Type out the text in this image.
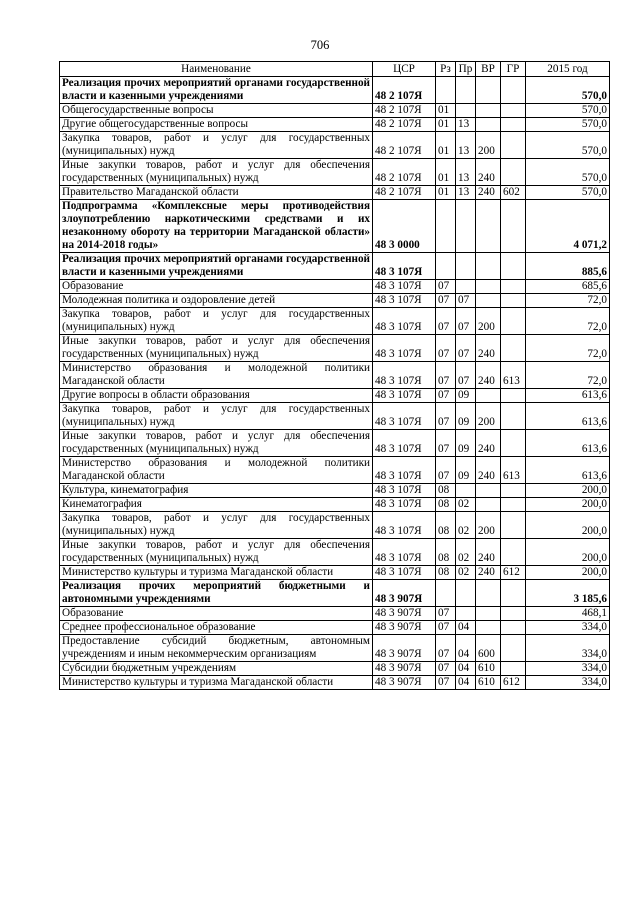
706
Наименование	ЦСР	Рз	Пр	ВР	ГР	2015 год
Реализация прочих мероприятий органами государственной власти и казенными учреждениями	48 2 107Я					570,0
Общегосударственные вопросы	48 2 107Я	01				570,0
Другие общегосударственные вопросы	48 2 107Я	01	13			570,0
Закупка товаров, работ и услуг для государственных (муниципальных) нужд	48 2 107Я	01	13	200		570,0
Иные закупки товаров, работ и услуг для обеспечения государственных (муниципальных) нужд	48 2 107Я	01	13	240		570,0
Правительство Магаданской области	48 2 107Я	01	13	240	602	570,0
Подпрограмма «Комплексные меры противодействия злоупотреблению наркотическими средствами и их незаконному обороту на территории Магаданской области» на 2014-2018 годы»	48 3 0000					4 071,2
Реализация прочих мероприятий органами государственной власти и казенными учреждениями	48 3 107Я					885,6
Образование	48 3 107Я	07				685,6
Молодежная политика и оздоровление детей	48 3 107Я	07	07			72,0
Закупка товаров, работ и услуг для государственных (муниципальных) нужд	48 3 107Я	07	07	200		72,0
Иные закупки товаров, работ и услуг для обеспечения государственных (муниципальных) нужд	48 3 107Я	07	07	240		72,0
Министерство образования и молодежной политики Магаданской области	48 3 107Я	07	07	240	613	72,0
Другие вопросы в области образования	48 3 107Я	07	09			613,6
Закупка товаров, работ и услуг для государственных (муниципальных) нужд	48 3 107Я	07	09	200		613,6
Иные закупки товаров, работ и услуг для обеспечения государственных (муниципальных) нужд	48 3 107Я	07	09	240		613,6
Министерство образования и молодежной политики Магаданской области	48 3 107Я	07	09	240	613	613,6
Культура, кинематография	48 3 107Я	08				200,0
Кинематография	48 3 107Я	08	02			200,0
Закупка товаров, работ и услуг для государственных (муниципальных) нужд	48 3 107Я	08	02	200		200,0
Иные закупки товаров, работ и услуг для обеспечения государственных (муниципальных) нужд	48 3 107Я	08	02	240		200,0
Министерство культуры и туризма Магаданской области	48 3 107Я	08	02	240	612	200,0
Реализация прочих мероприятий бюджетными и автономными учреждениями	48 3 907Я					3 185,6
Образование	48 3 907Я	07				468,1
Среднее профессиональное образование	48 3 907Я	07	04			334,0
Предоставление субсидий бюджетным, автономным учреждениям и иным некоммерческим организациям	48 3 907Я	07	04	600		334,0
Субсидии бюджетным учреждениям	48 3 907Я	07	04	610		334,0
Министерство культуры и туризма Магаданской области	48 3 907Я	07	04	610	612	334,0
